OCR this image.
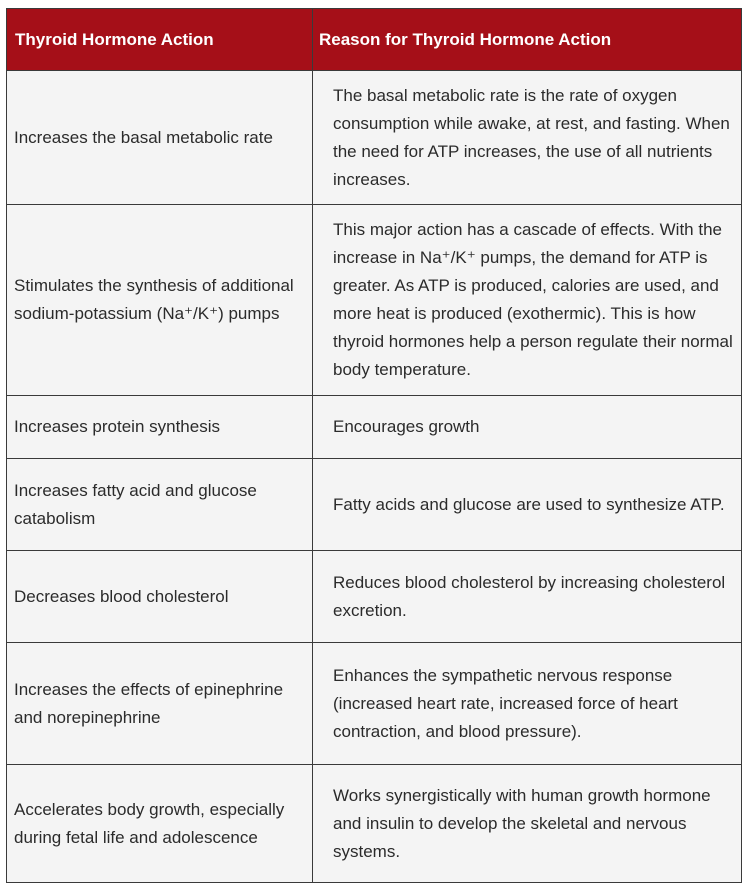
Thyroid Hormone Action	Reason for Thyroid Hormone Action
Increases the basal metabolic rate	The basal metabolic rate is the rate of oxygen consumption while awake, at rest, and fasting. When the need for ATP increases, the use of all nutrients increases.
Stimulates the synthesis of additional sodium-potassium (Na⁺/K⁺) pumps	This major action has a cascade of effects. With the increase in Na⁺/K⁺ pumps, the demand for ATP is greater. As ATP is produced, calories are used, and more heat is produced (exothermic). This is how thyroid hormones help a person regulate their normal body temperature.
Increases protein synthesis	Encourages growth
Increases fatty acid and glucose catabolism	Fatty acids and glucose are used to synthesize ATP.
Decreases blood cholesterol	Reduces blood cholesterol by increasing cholesterol excretion.
Increases the effects of epinephrine and norepinephrine	Enhances the sympathetic nervous response (increased heart rate, increased force of heart contraction, and blood pressure).
Accelerates body growth, especially during fetal life and adolescence	Works synergistically with human growth hormone and insulin to develop the skeletal and nervous systems.
